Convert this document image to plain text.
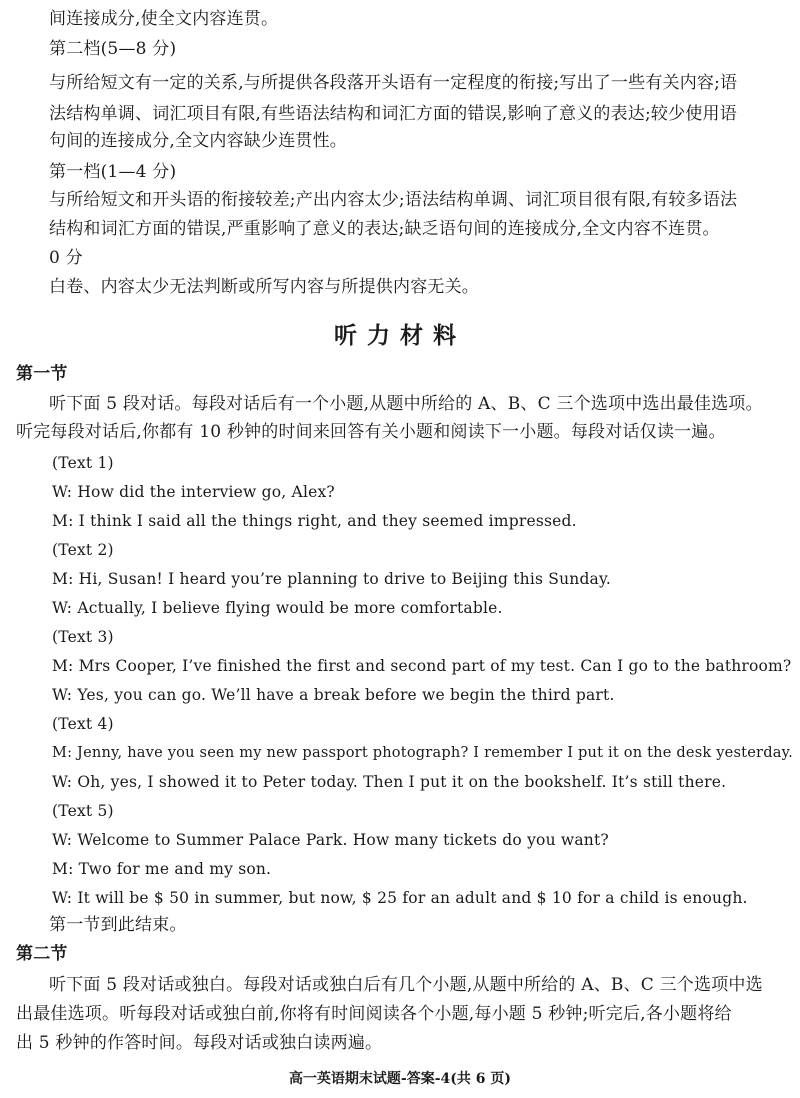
间连接成分,使全文内容连贯。
第二档(5—8 分)
与所给短文有一定的关系,与所提供各段落开头语有一定程度的衔接;写出了一些有关内容;语
法结构单调、词汇项目有限,有些语法结构和词汇方面的错误,影响了意义的表达;较少使用语
句间的连接成分,全文内容缺少连贯性。
第一档(1—4 分)
与所给短文和开头语的衔接较差;产出内容太少;语法结构单调、词汇项目很有限,有较多语法
结构和词汇方面的错误,严重影响了意义的表达;缺乏语句间的连接成分,全文内容不连贯。
0 分
白卷、内容太少无法判断或所写内容与所提供内容无关。
听力材料
第一节
听下面 5 段对话。每段对话后有一个小题,从题中所给的 A、B、C 三个选项中选出最佳选项。
听完每段对话后,你都有 10 秒钟的时间来回答有关小题和阅读下一小题。每段对话仅读一遍。
(Text 1)
W: How did the interview go, Alex?
M: I think I said all the things right, and they seemed impressed.
(Text 2)
M: Hi, Susan! I heard you’re planning to drive to Beijing this Sunday.
W: Actually, I believe flying would be more comfortable.
(Text 3)
M: Mrs Cooper, I’ve finished the first and second part of my test. Can I go to the bathroom?
W: Yes, you can go. We’ll have a break before we begin the third part.
(Text 4)
M: Jenny, have you seen my new passport photograph? I remember I put it on the desk yesterday.
W: Oh, yes, I showed it to Peter today. Then I put it on the bookshelf. It’s still there.
(Text 5)
W: Welcome to Summer Palace Park. How many tickets do you want?
M: Two for me and my son.
W: It will be $ 50 in summer, but now, $ 25 for an adult and $ 10 for a child is enough.
第一节到此结束。
第二节
听下面 5 段对话或独白。每段对话或独白后有几个小题,从题中所给的 A、B、C 三个选项中选
出最佳选项。听每段对话或独白前,你将有时间阅读各个小题,每小题 5 秒钟;听完后,各小题将给
出 5 秒钟的作答时间。每段对话或独白读两遍。
高一英语期末试题-答案-4(共 6 页)
